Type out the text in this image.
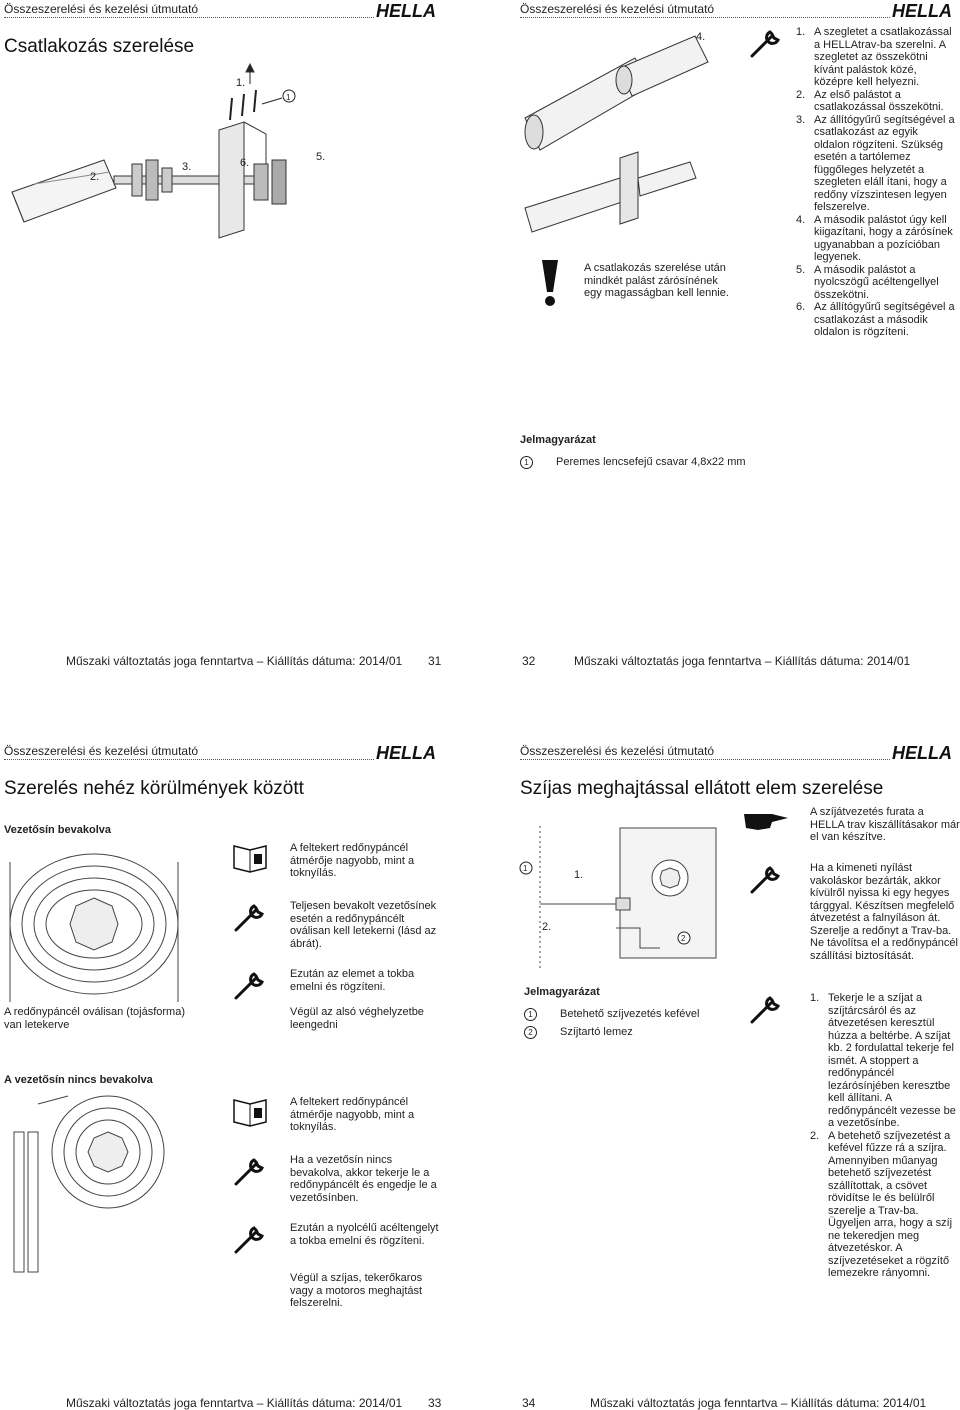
Összeszerelési és kezelési útmutató	HELLA
Csatlakozás szerelése
1.
2.
3.	6.	5.
1
Műszaki változtatás joga fenntartva – Kiállítás dátuma: 2014/01 31
Összeszerelési és kezelési útmutató	HELLA
4.
A csatlakozás szerelése után mindkét palást zárósínének egy magasságban kell lennie.
1. A szegletet a csatlakozással a HELLAtrav-ba szerelni. A szegletet az összekötni kívánt palástok közé, középre kell helyezni.
2. Az első palástot a csatlakozással összekötni.
3. Az állítógyűrű segítségével a csatlakozást az egyik oldalon rögzíteni. Szükség esetén a tartólemez függőleges helyzetét a szegleten eláll ítani, hogy a redőny vízszintesen legyen felszerelve.
4. A második palástot úgy kell kiigazítani, hogy a zárósínek ugyanabban a pozícióban legyenek.
5. A második palástot a nyolcszögű acéltengellyel összekötni.
6. Az állítógyűrű segítségével a csatlakozást a második oldalon is rögzíteni.
Jelmagyarázat
1 Peremes lencsefejű csavar 4,8x22 mm
32	Műszaki változtatás joga fenntartva – Kiállítás dátuma: 2014/01
Összeszerelési és kezelési útmutató	HELLA
Szerelés nehéz körülmények között
Vezetősín bevakolva
A redőnypáncél oválisan (tojásforma) van letekerve
A vezetősín nincs bevakolva
A feltekert redőnypáncél átmérője nagyobb, mint a toknyílás.
Teljesen bevakolt vezetősínek esetén a redőnypáncélt oválisan kell letekerni (lásd az ábrát).
Ezután az elemet a tokba emelni és rögzíteni.
Végül az alsó véghelyzetbe leengedni
A feltekert redőnypáncél átmérője nagyobb, mint a toknyílás.
Ha a vezetősín nincs bevakolva, akkor tekerje le a redőnypáncélt és engedje le a vezetősínben.
Ezután a nyolcélű acéltengelyt a tokba emelni és rögzíteni.
Végül a szíjas, tekerőkaros vagy a motoros meghajtást felszerelni.
Műszaki változtatás joga fenntartva – Kiállítás dátuma: 2014/01 33
Összeszerelési és kezelési útmutató	HELLA
Szíjas meghajtással ellátott elem szerelése
1
1.
2.
2
Jelmagyarázat
1 Betehető szíjvezetés kefével
2 Szíjtartó lemez
A szíjátvezetés furata a HELLA trav kiszállításakor már el van készítve.
Ha a kimeneti nyílást vakoláskor bezárták, akkor kívülről nyissa ki egy hegyes tárggyal. Készítsen megfelelő átvezetést a falnyíláson át. Szerelje a redőnyt a Trav-ba. Ne távolítsa el a redőnypáncél szállítási biztosítását.
1. Tekerje le a szíjat a szíjtárcsáról és az átvezetésen keresztül húzza a beltérbe. A szíjat kb. 2 fordulattal tekerje fel ismét. A stoppert a redőnypáncél lezárósínjében keresztbe kell állítani. A redőnypáncélt vezesse be a vezetősínbe.
2. A betehető szíjvezetést a kefével fűzze rá a szíjra. Amennyiben műanyag betehető szíjvezetést szállítottak, a csövet rövidítse le és belülről szerelje a Trav-ba. Ügyeljen arra, hogy a szíj ne tekeredjen meg átvezetéskor. A szíjvezetéseket a rögzítő lemezekre rányomni.
34	Műszaki változtatás joga fenntartva – Kiállítás dátuma: 2014/01
